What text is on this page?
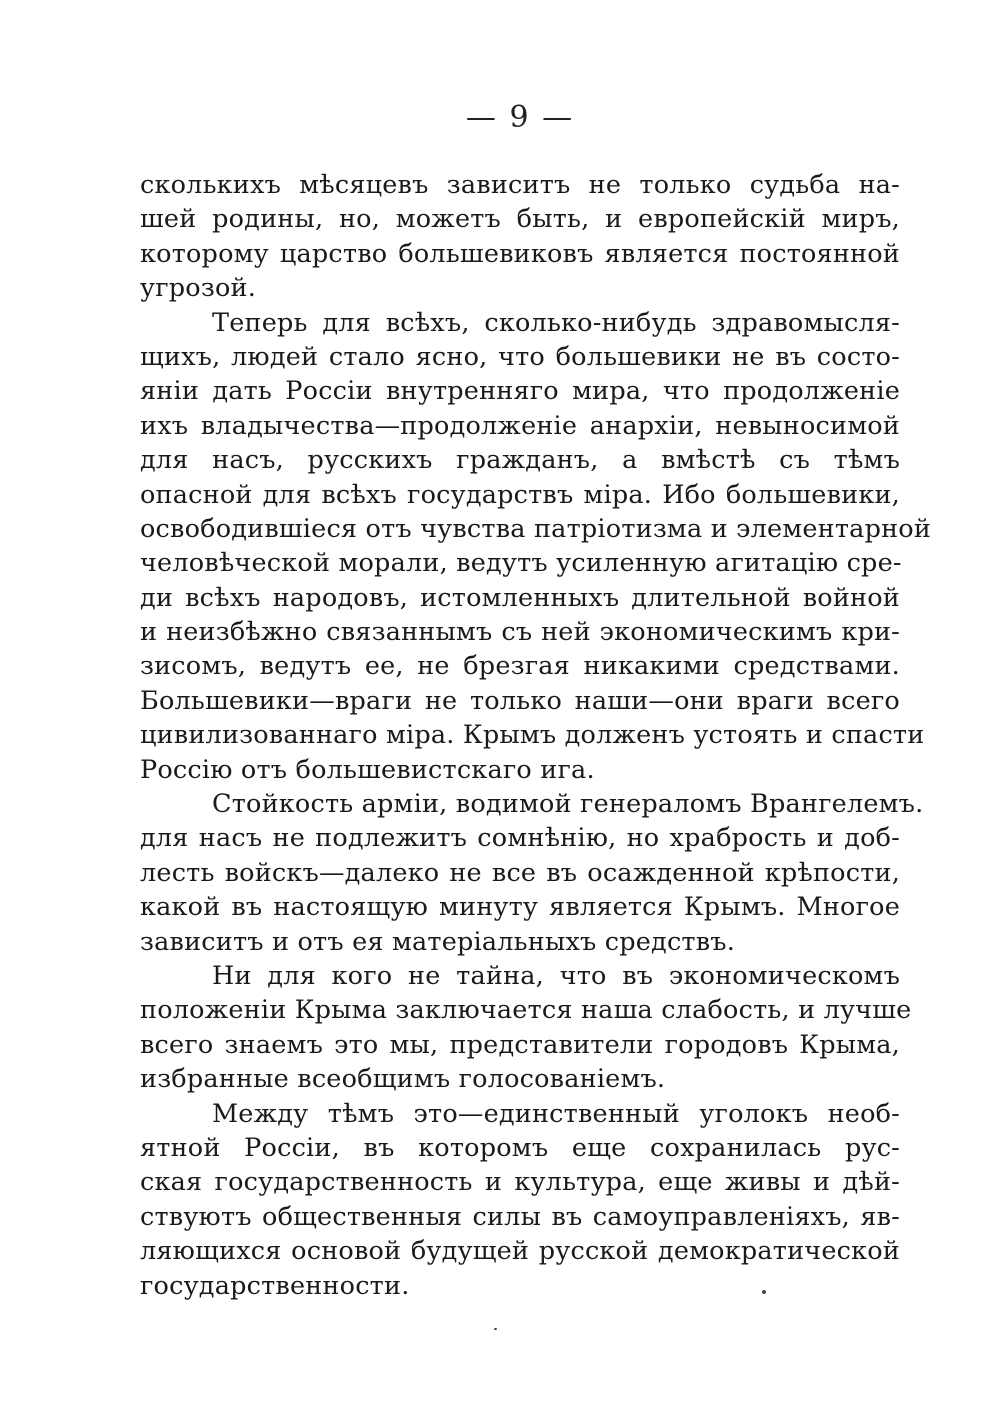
— 9 —
сколькихъ мѣсяцевъ зависитъ не только судьба на-
шей родины, но, можетъ быть, и европейскій миръ,
которому царство большевиковъ является постоянной
угрозой.
Теперь для всѣхъ, сколько-нибудь здравомысля-
щихъ, людей стало ясно, что большевики не въ состо-
яніи дать Россіи внутренняго мира, что продолженіе
ихъ владычества—продолженіе анархіи, невыносимой
для насъ, русскихъ гражданъ, а вмѣстѣ съ тѣмъ
опасной для всѣхъ государствъ міра. Ибо большевики,
освободившіеся отъ чувства патріотизма и элементарной
человѣческой морали, ведутъ усиленную агитацію сре-
ди всѣхъ народовъ, истомленныхъ длительной войной
и неизбѣжно связаннымъ съ ней экономическимъ кри-
зисомъ, ведутъ ее, не брезгая никакими средствами.
Большевики—враги не только наши—они враги всего
цивилизованнаго міра. Крымъ долженъ устоять и спасти
Россію отъ большевистскаго ига.
Стойкость арміи, водимой генераломъ Врангелемъ.
для насъ не подлежитъ сомнѣнію, но храбрость и доб-
лесть войскъ—далеко не все въ осажденной крѣпости,
какой въ настоящую минуту является Крымъ. Многое
зависитъ и отъ ея матеріальныхъ средствъ.
Ни для кого не тайна, что въ экономическомъ
положеніи Крыма заключается наша слабость, и лучше
всего знаемъ это мы, представители городовъ Крыма,
избранные всеобщимъ голосованіемъ.
Между тѣмъ это—единственный уголокъ необ-
ятной Россіи, въ которомъ еще сохранилась рус-
ская государственность и культура, еще живы и дѣй-
ствуютъ общественныя силы въ самоуправленіяхъ, яв-
ляющихся основой будущей русской демократической
государственности.
